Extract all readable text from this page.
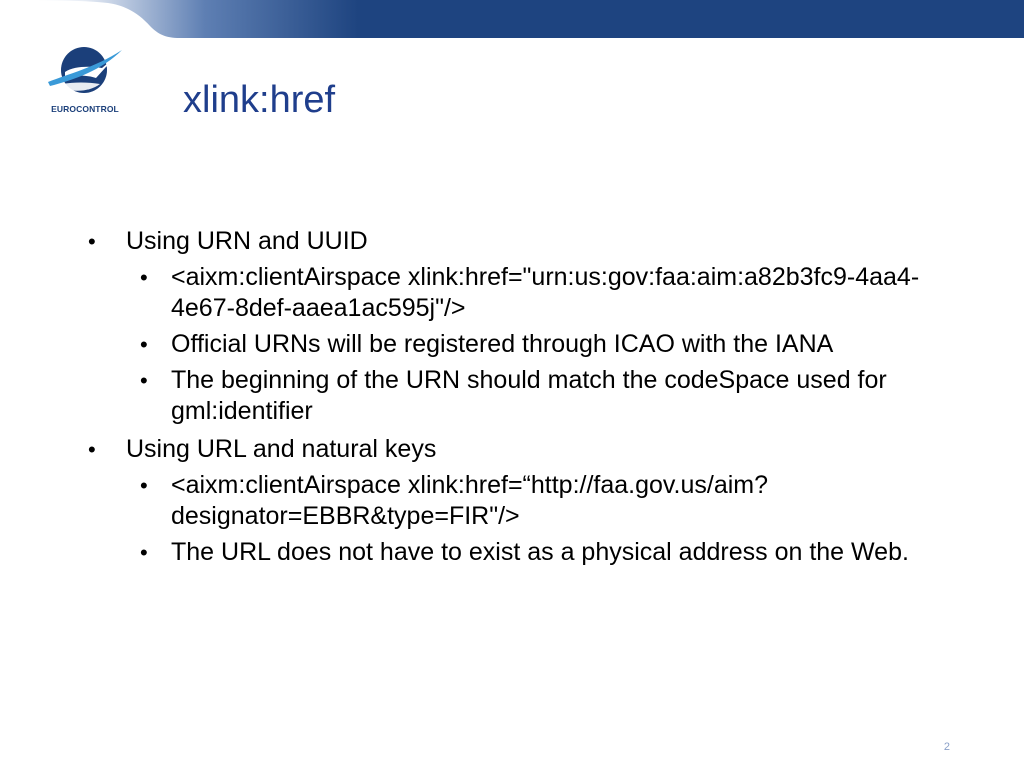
EUROCONTROL xlink:href
• Using URN and UUID
• <aixm:clientAirspace xlink:href="urn:us:gov:faa:aim:a82b3fc9-4aa4-4e67-8def-aaea1ac595j"/>
• Official URNs will be registered through ICAO with the IANA
• The beginning of the URN should match the codeSpace used for gml:identifier
• Using URL and natural keys
• <aixm:clientAirspace xlink:href=“http://faa.gov.us/aim?designator=EBBR&type=FIR"/>
• The URL does not have to exist as a physical address on the Web.
2
